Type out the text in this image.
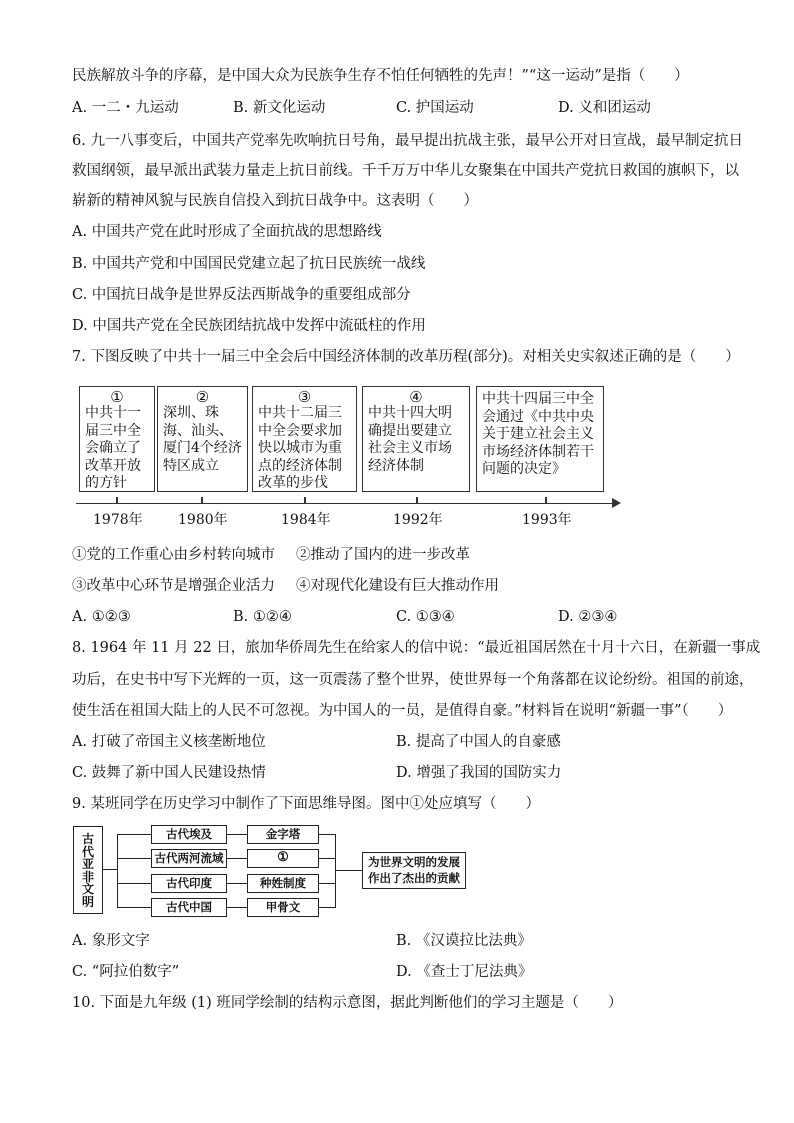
民族解放斗争的序幕，是中国大众为民族争生存不怕任何牺牲的先声！”“这一运动”是指（　　）
A. 一二・九运动	B. 新文化运动	C. 护国运动	D. 义和团运动
6. 九一八事变后，中国共产党率先吹响抗日号角，最早提出抗战主张，最早公开对日宣战，最早制定抗日
救国纲领，最早派出武装力量走上抗日前线。千千万万中华儿女聚集在中国共产党抗日救国的旗帜下，以
崭新的精神风貌与民族自信投入到抗日战争中。这表明（　　）
A. 中国共产党在此时形成了全面抗战的思想路线
B. 中国共产党和中国国民党建立起了抗日民族统一战线
C. 中国抗日战争是世界反法西斯战争的重要组成部分
D. 中国共产党在全民族团结抗战中发挥中流砥柱的作用
7. 下图反映了中共十一届三中全会后中国经济体制的改革历程(部分)。对相关史实叙述正确的是（　　）
①
中共十一届三中全会确立了改革开放的方针
②
深圳、珠海、汕头、厦门4个经济特区成立
③
中共十二届三中全会要求加快以城市为重点的经济体制改革的步伐
④
中共十四大明确提出要建立社会主义市场经济体制
中共十四届三中全会通过《中共中央关于建立社会主义市场经济体制若干问题的决定》
1978年	1980年	1984年	1992年	1993年
①党的工作重心由乡村转向城市 ②推动了国内的进一步改革
③改革中心环节是增强企业活力 ④对现代化建设有巨大推动作用
A. ①②③	B. ①②④	C. ①③④	D. ②③④
8. 1964 年 11 月 22 日，旅加华侨周先生在给家人的信中说：“最近祖国居然在十月十六日，在新疆一事成
功后，在史书中写下光辉的一页，这一页震荡了整个世界，使世界每一个角落都在议论纷纷。祖国的前途，
使生活在祖国大陆上的人民不可忽视。为中国人的一员，是值得自豪。”材料旨在说明“新疆一事”（　　）
A. 打破了帝国主义核垄断地位	B. 提高了中国人的自豪感
C. 鼓舞了新中国人民建设热情	D. 增强了我国的国防实力
9. 某班同学在历史学习中制作了下面思维导图。图中①处应填写（　　）
古代亚非文明
古代埃及
古代两河流域
古代印度
古代中国
金字塔
①
种姓制度
甲骨文
为世界文明的发展作出了杰出的贡献
A. 象形文字	B. 《汉谟拉比法典》
C. “阿拉伯数字”	D. 《查士丁尼法典》
10. 下面是九年级 (1) 班同学绘制的结构示意图，据此判断他们的学习主题是（　　）
